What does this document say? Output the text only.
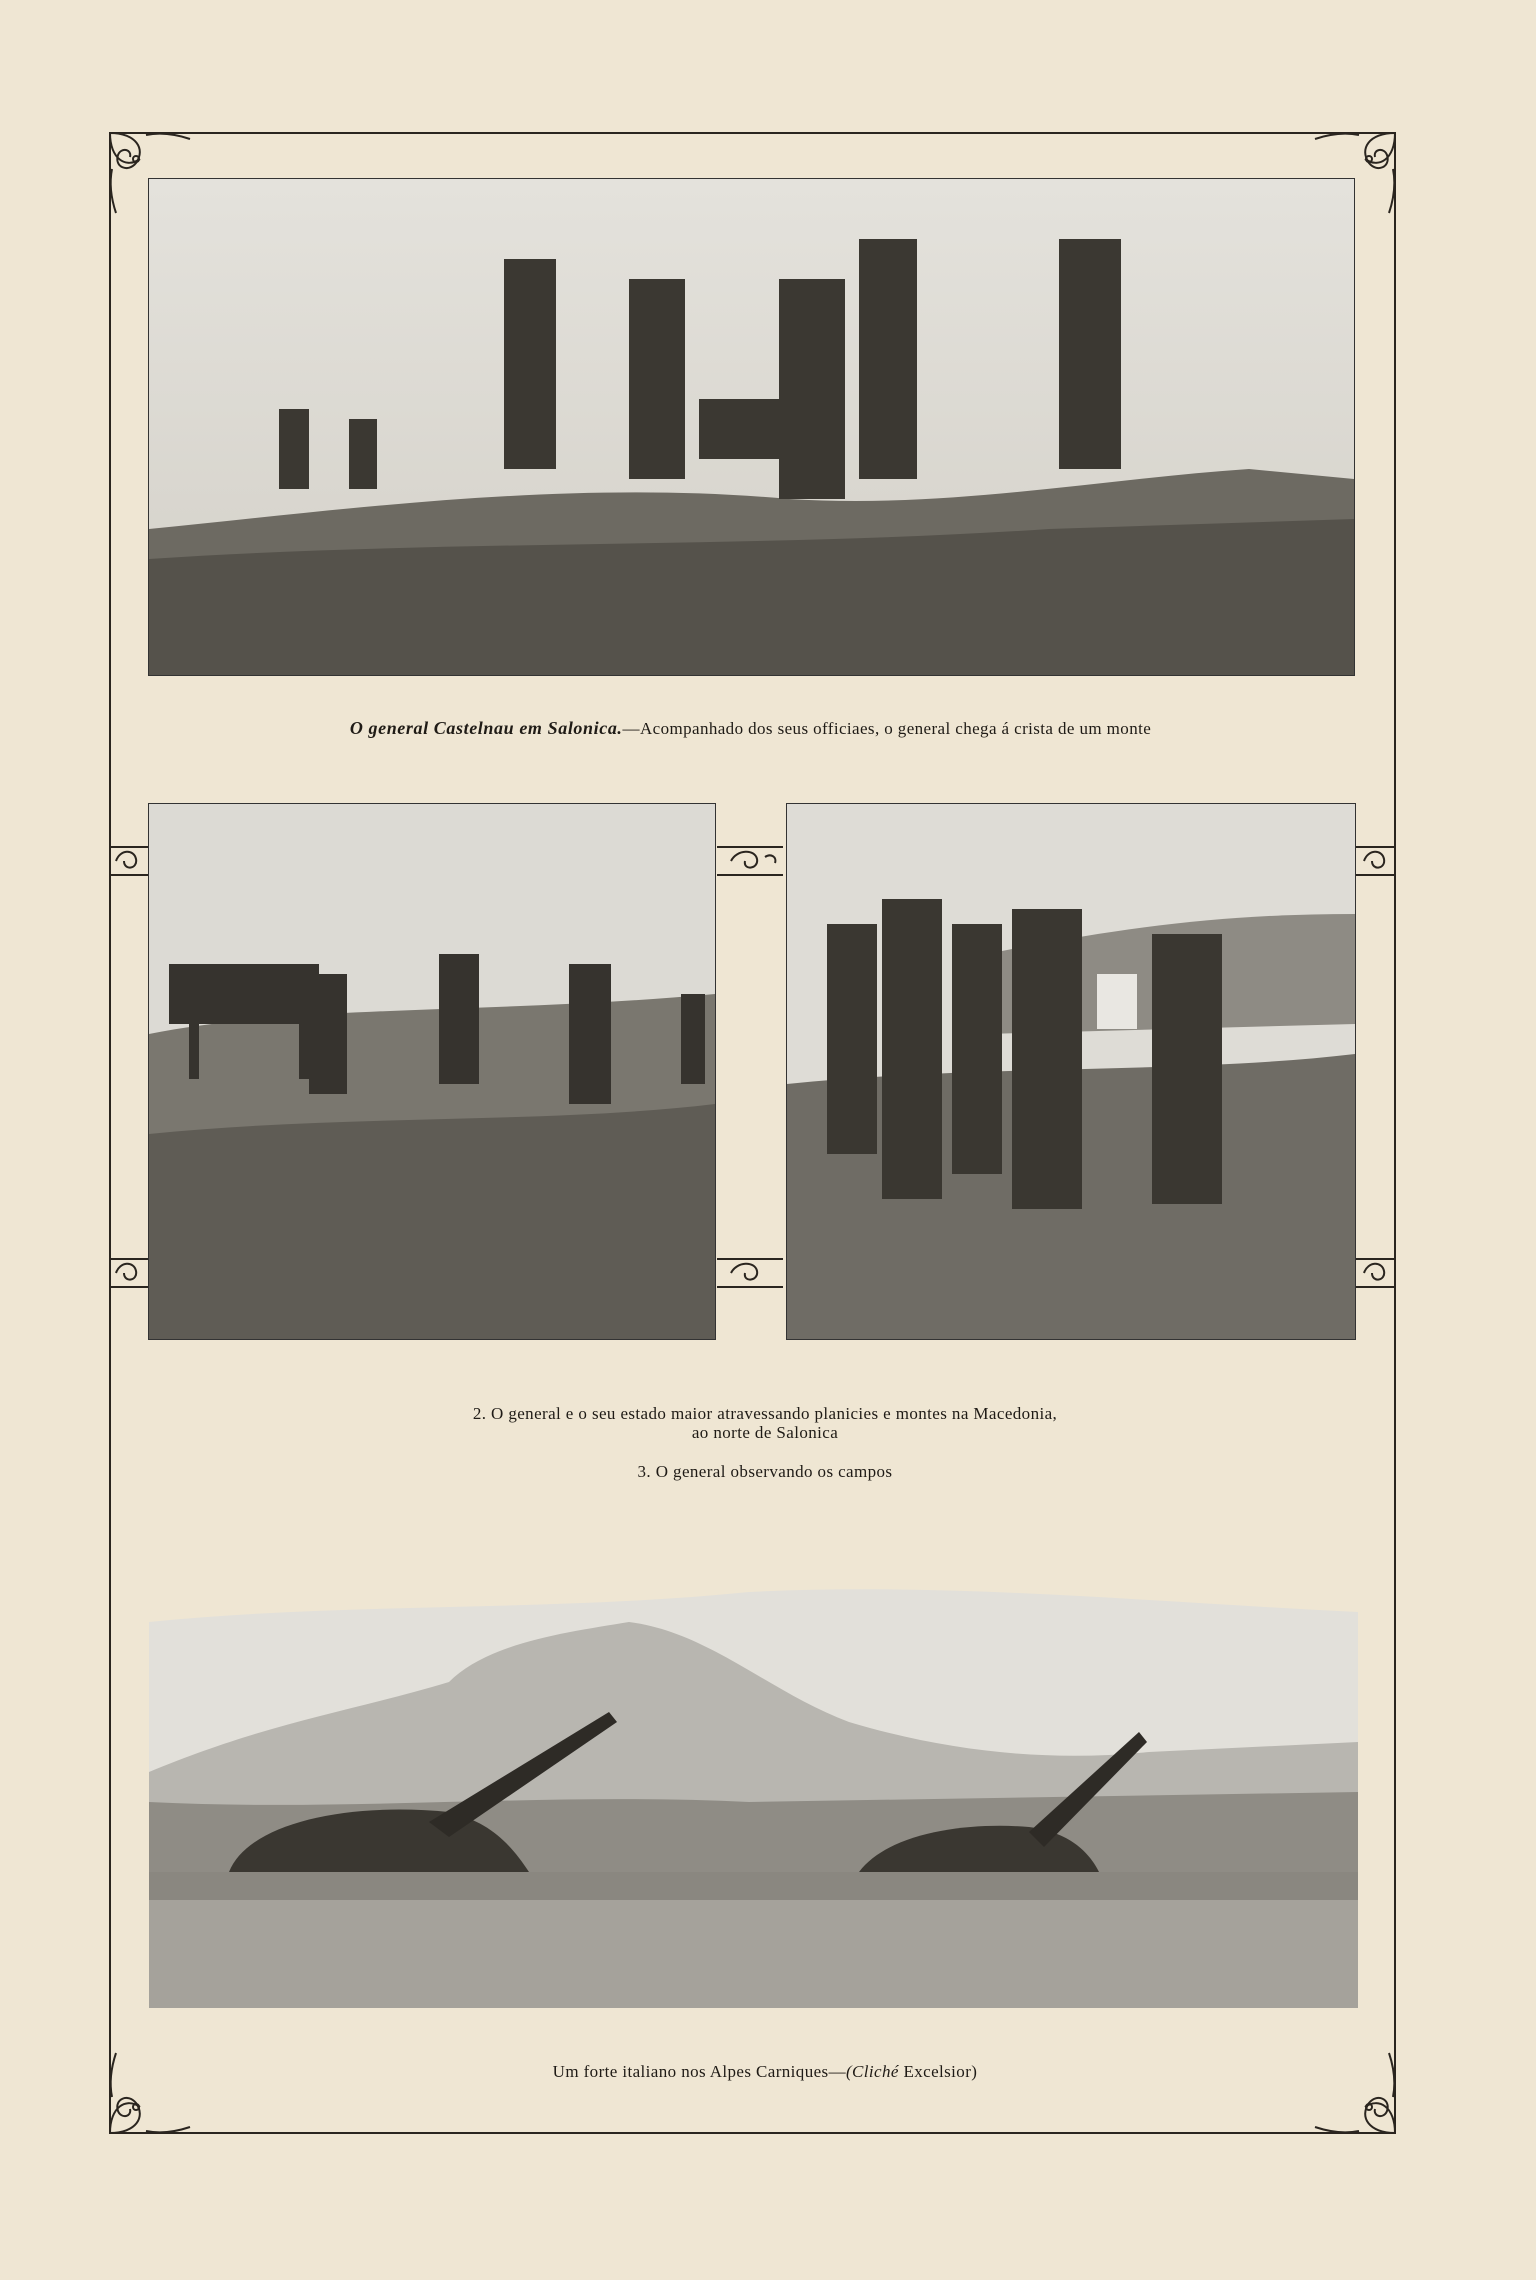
O general Castelnau em Salonica.—Acompanhado dos seus officiaes, o general chega á crista de um monte
2. O general e o seu estado maior atravessando planicies e montes na Macedonia,
ao norte de Salonica
3. O general observando os campos
Um forte italiano nos Alpes Carniques—(Cliché Excelsior)
